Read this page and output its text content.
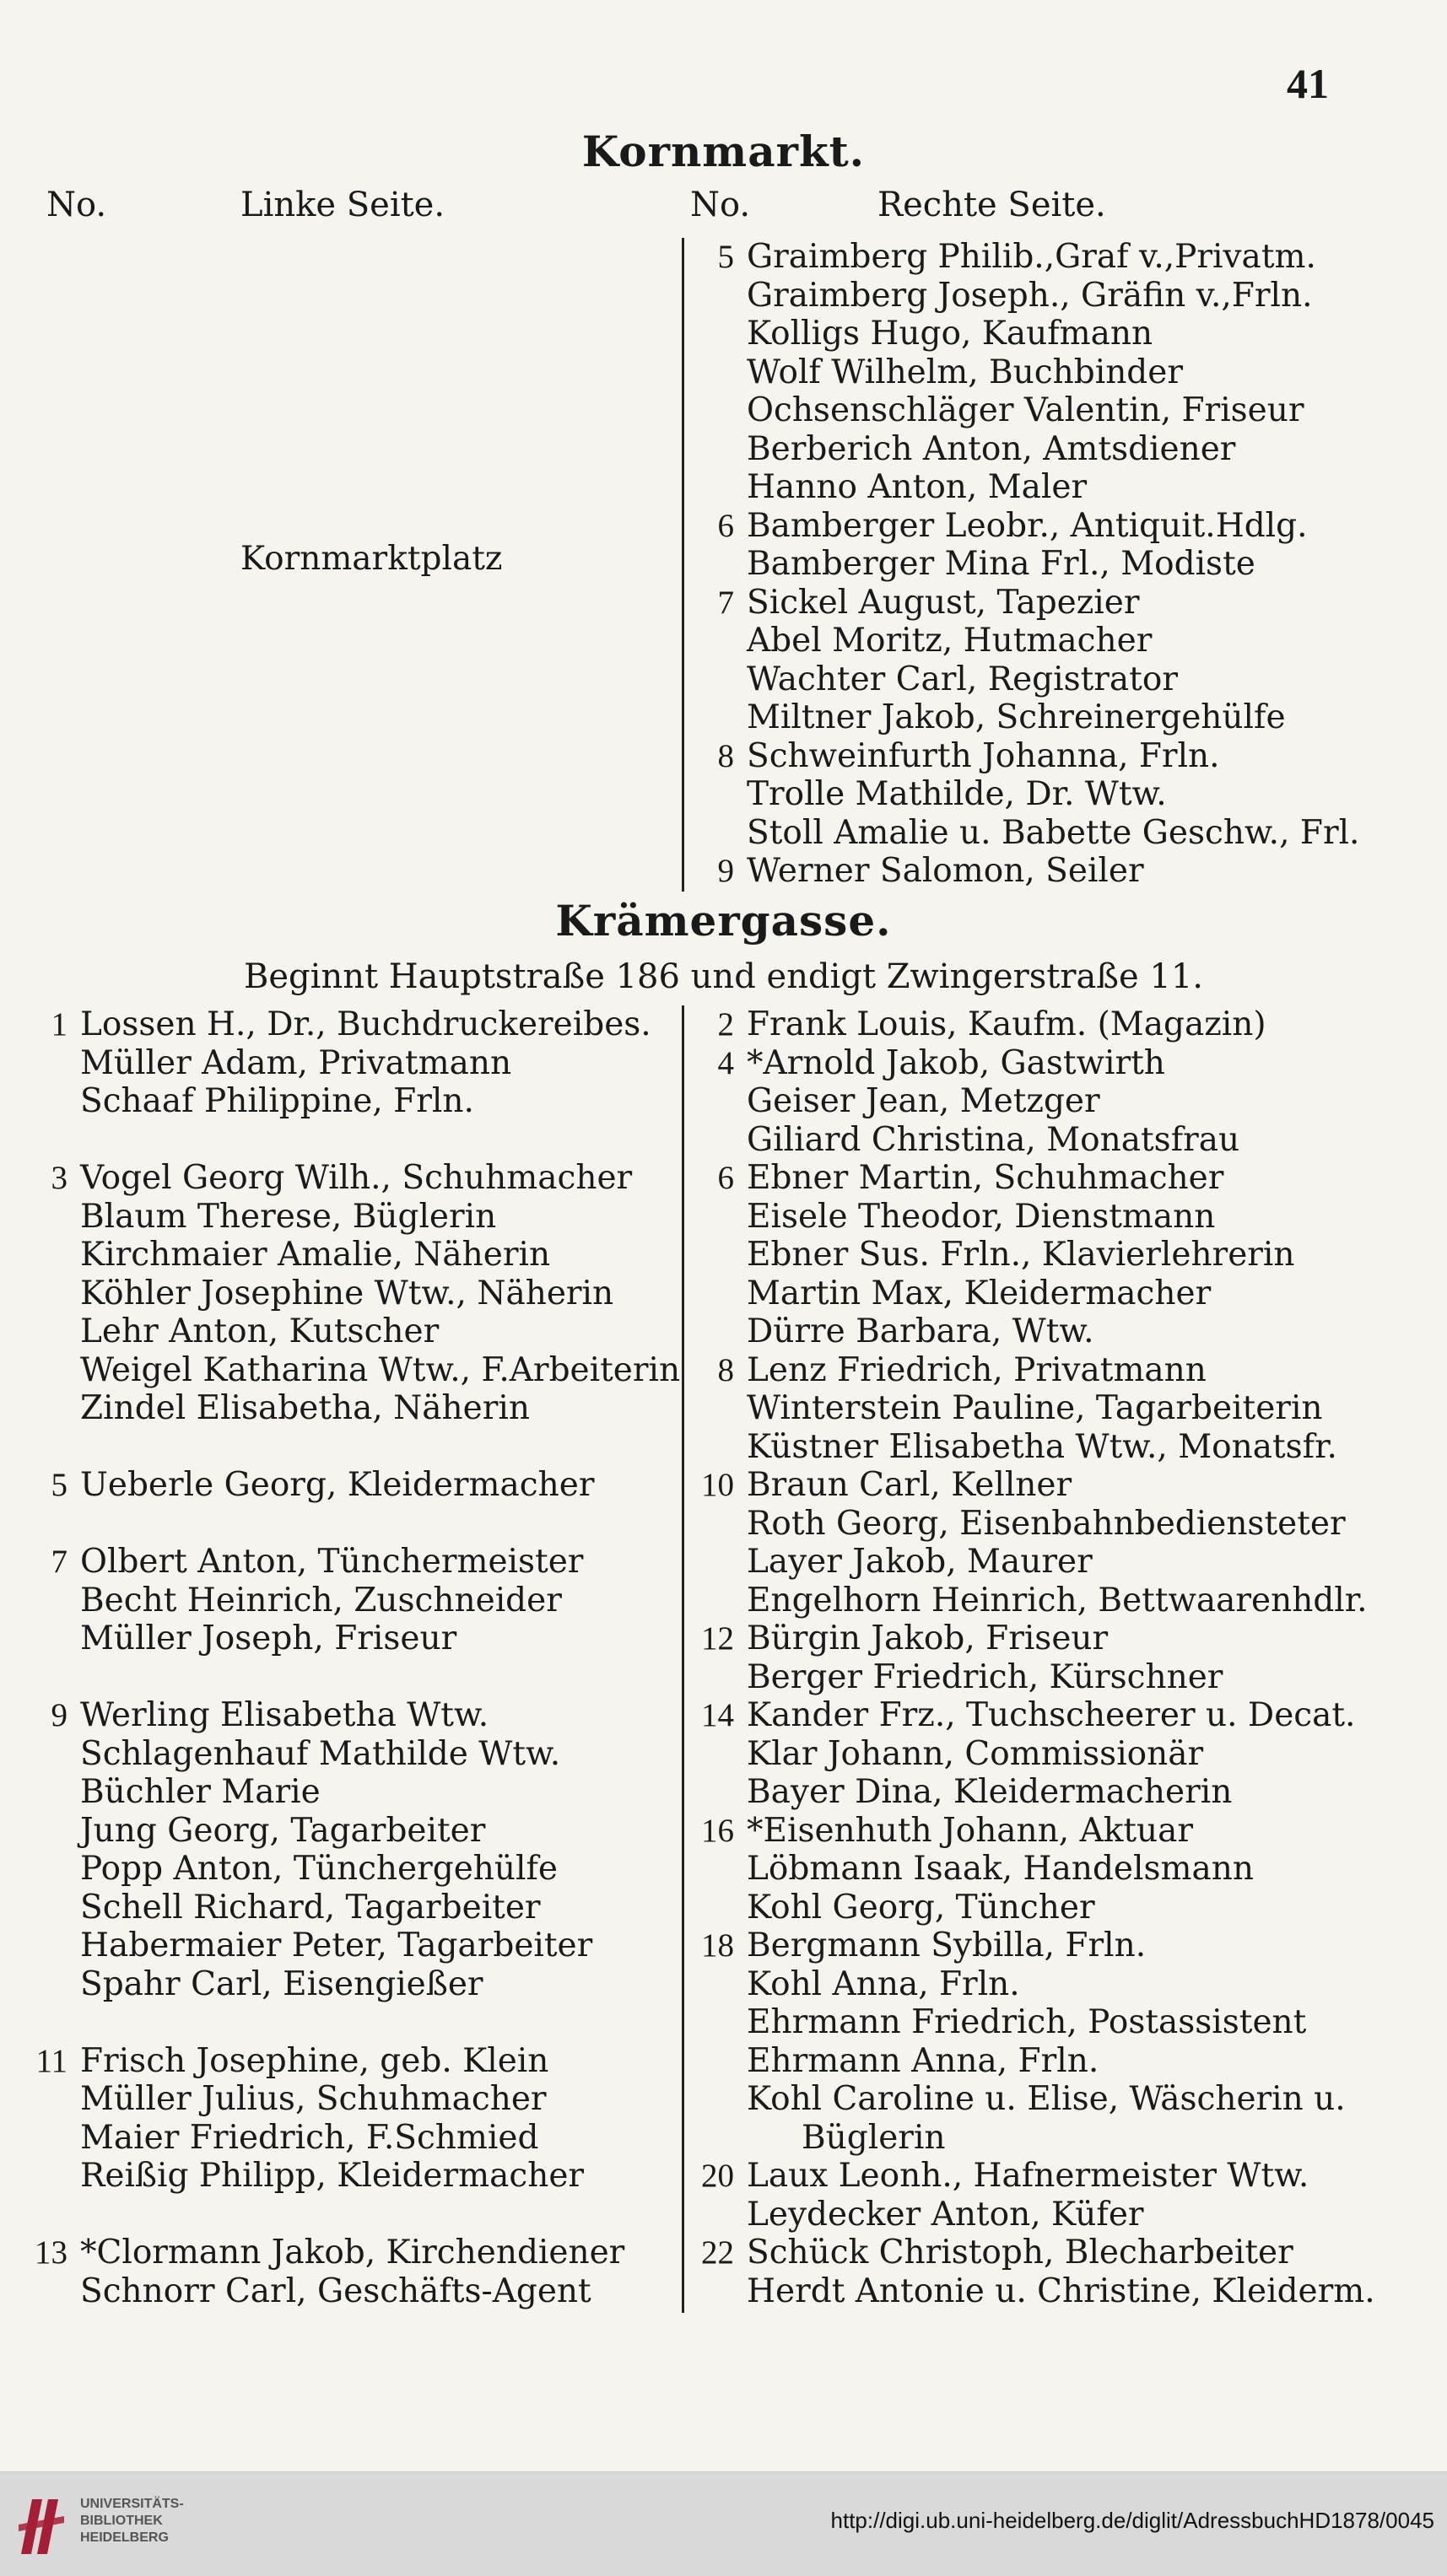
41
Kornmarkt.
No.	Linke Seite.	No.	Rechte Seite.
Kornmarktplatz
5 Graimberg Philib.,Graf v.,Privatm.
Graimberg Joseph., Gräfin v.,Frln.
Kolligs Hugo, Kaufmann
Wolf Wilhelm, Buchbinder
Ochsenschläger Valentin, Friseur
Berberich Anton, Amtsdiener
Hanno Anton, Maler
6 Bamberger Leobr., Antiquit.Hdlg.
Bamberger Mina Frl., Modiste
7 Sickel August, Tapezier
Abel Moritz, Hutmacher
Wachter Carl, Registrator
Miltner Jakob, Schreinergehülfe
8 Schweinfurth Johanna, Frln.
Trolle Mathilde, Dr. Wtw.
Stoll Amalie u. Babette Geschw., Frl.
9 Werner Salomon, Seiler
Krämergasse.
Beginnt Hauptstraße 186 und endigt Zwingerstraße 11.
1 Lossen H., Dr., Buchdruckereibes.
Müller Adam, Privatmann
Schaaf Philippine, Frln.
3 Vogel Georg Wilh., Schuhmacher
Blaum Therese, Büglerin
Kirchmaier Amalie, Näherin
Köhler Josephine Wtw., Näherin
Lehr Anton, Kutscher
Weigel Katharina Wtw., F.Arbeiterin
Zindel Elisabetha, Näherin
5 Ueberle Georg, Kleidermacher
7 Olbert Anton, Tünchermeister
Becht Heinrich, Zuschneider
Müller Joseph, Friseur
9 Werling Elisabetha Wtw.
Schlagenhauf Mathilde Wtw.
Büchler Marie
Jung Georg, Tagarbeiter
Popp Anton, Tünchergehülfe
Schell Richard, Tagarbeiter
Habermaier Peter, Tagarbeiter
Spahr Carl, Eisengießer
11 Frisch Josephine, geb. Klein
Müller Julius, Schuhmacher
Maier Friedrich, F.Schmied
Reißig Philipp, Kleidermacher
13 *Clormann Jakob, Kirchendiener
Schnorr Carl, Geschäfts-Agent
2 Frank Louis, Kaufm. (Magazin)
4 *Arnold Jakob, Gastwirth
Geiser Jean, Metzger
Giliard Christina, Monatsfrau
6 Ebner Martin, Schuhmacher
Eisele Theodor, Dienstmann
Ebner Sus. Frln., Klavierlehrerin
Martin Max, Kleidermacher
Dürre Barbara, Wtw.
8 Lenz Friedrich, Privatmann
Winterstein Pauline, Tagarbeiterin
Küstner Elisabetha Wtw., Monatsfr.
10 Braun Carl, Kellner
Roth Georg, Eisenbahnbediensteter
Layer Jakob, Maurer
Engelhorn Heinrich, Bettwaarenhdlr.
12 Bürgin Jakob, Friseur
Berger Friedrich, Kürschner
14 Kander Frz., Tuchscheerer u. Decat.
Klar Johann, Commissionär
Bayer Dina, Kleidermacherin
16 *Eisenhuth Johann, Aktuar
Löbmann Isaak, Handelsmann
Kohl Georg, Tüncher
18 Bergmann Sybilla, Frln.
Kohl Anna, Frln.
Ehrmann Friedrich, Postassistent
Ehrmann Anna, Frln.
Kohl Caroline u. Elise, Wäscherin u.
Büglerin
20 Laux Leonh., Hafnermeister Wtw.
Leydecker Anton, Küfer
22 Schück Christoph, Blecharbeiter
Herdt Antonie u. Christine, Kleiderm.
UNIVERSITÄTS-
BIBLIOTHEK
HEIDELBERG
http://digi.ub.uni-heidelberg.de/diglit/AdressbuchHD1878/0045
